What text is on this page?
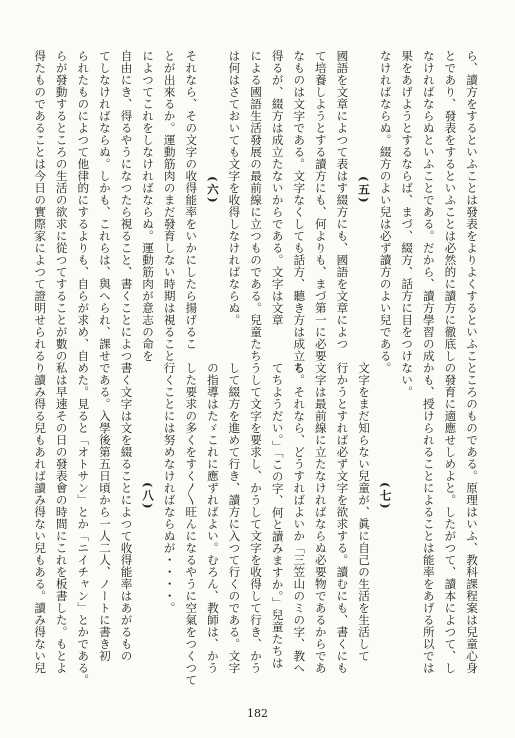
ら、讀方をするといふことは發表をよりよくするといふこ
とであり、發表をするといふことは必然的に讀方に徹底し
なければならぬといふことである。だから、讀方學習の成
果をあげようとするならば、まづ、綴方、話方に目をつけ
なければならぬ。綴方のよい兒は必ず讀方のよい兒である。
(五)
國語を文章によつて表はす綴方にも、國語を文章によつ
て培養しようとする讀方にも、何よりも、まづ第一に必要
なものは文字である。文字なくしても話方、聽き方は成立ち
得るが、綴方は成立たないからである。文字は文章
による國語生活發展の最前線に立つものである。兒童たち
は何はさておいても文字を收得しなければならぬ。
(六)
それなら、その文字の收得能率をいかにしたら揚げるこ
とが出來るか。運動筋肉のまだ發育しない時期は視ること
によつてこれをしなければならぬ。運動筋肉が意志の命を
自由にき、得るやうになつたら視ること、書くことによつ
てしなければならぬ。しかも、これらは、與へられ、課せ
られたものによつて他律的にするよりも、自らが求め、自
らが發動するところの生活の欲求に從つてすることが數の
得たものであることは今日の實際家によつて證明せられる
ところのものである。原理はいふ、教科課程案は兒童心身
の發育に適應せしめよと。したがつて、讀本によつて、し
かも、授けられることによることは能率をあげる所以では
ない。
(七)
文字をまだ知らない兒童が、眞に自己の生活を生活して
行かうとすれば必ず文字を欲求する。讀むにも、書くにも
文字は最前線に立たなければならぬ必要物であるからであ
る。それなら、どうすればよいか「三笠山のミの字、教へ
てちようだい。」「この字、何と讀みますか。」兒童たちは
うして文字を要求し、かうして文字を收得して行き、かう
して綴方を進めて行き、讀方に入つて行くのである。文字
の指導はたゞこれに應ずればよい。むろん、教師は、かう
した要求の多くをすく〳〵旺んになるやうに空氣をつくつて
行くことには努めなければならぬが・・・・。
(八)
書く文字は文を綴ることによつて收得能率はあがるもの
である。入學後第五日頃から一人二人、ノートに書き初
めた。見ると「オトサン」とか「ニイチャン」とかである。
私は早速その日の發表會の時間にこれを板書した。もとよ
り讀み得る兒もあれば讀み得ない兒もある。讀み得ない兒
182
